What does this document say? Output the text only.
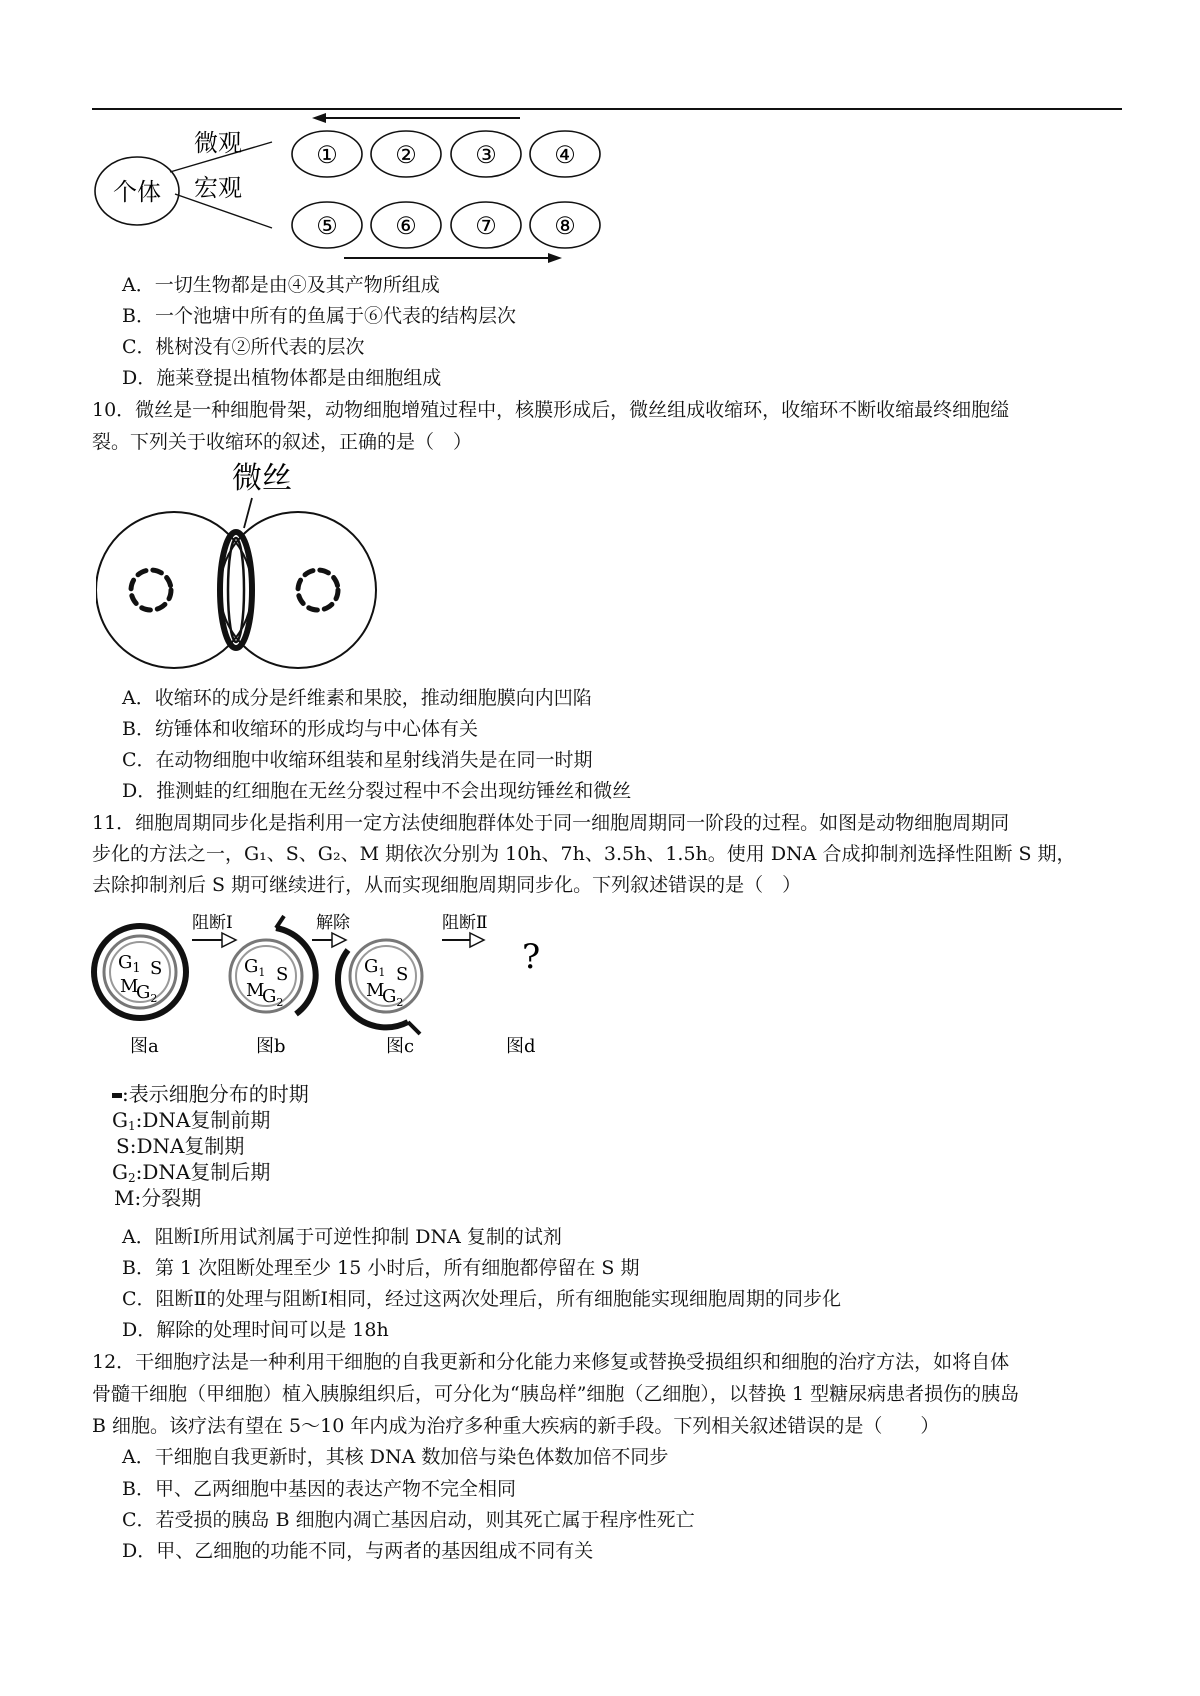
个体
微观
宏观
① ② ③ ④
⑤ ⑥ ⑦ ⑧
A．一切生物都是由④及其产物所组成
B．一个池塘中所有的鱼属于⑥代表的结构层次
C．桃树没有②所代表的层次
D．施莱登提出植物体都是由细胞组成
10．微丝是一种细胞骨架，动物细胞增殖过程中，核膜形成后，微丝组成收缩环，收缩环不断收缩最终细胞缢
裂。下列关于收缩环的叙述，正确的是（　）
微丝
A．收缩环的成分是纤维素和果胶，推动细胞膜向内凹陷
B．纺锤体和收缩环的形成均与中心体有关
C．在动物细胞中收缩环组装和星射线消失是在同一时期
D．推测蛙的红细胞在无丝分裂过程中不会出现纺锤丝和微丝
11．细胞周期同步化是指利用一定方法使细胞群体处于同一细胞周期同一阶段的过程。如图是动物细胞周期同
步化的方法之一，G₁、S、G₂、M 期依次分别为 10h、7h、3.5h、1.5h。使用 DNA 合成抑制剂选择性阻断 S 期，
去除抑制剂后 S 期可继续进行，从而实现细胞周期同步化。下列叙述错误的是（　）
$G_1$ S
M
$G_2$
阻断Ⅰ
$G_1$ S
M
$G_2$
解除
$G_1$ S
M
$G_2$
阻断Ⅱ
?
图a	图b	图c	图d
:表示细胞分布的时期
G1:DNA复制前期
S:DNA复制期
G2:DNA复制后期
M:分裂期
A．阻断Ⅰ所用试剂属于可逆性抑制 DNA 复制的试剂
B．第 1 次阻断处理至少 15 小时后，所有细胞都停留在 S 期
C．阻断Ⅱ的处理与阻断Ⅰ相同，经过这两次处理后，所有细胞能实现细胞周期的同步化
D．解除的处理时间可以是 18h
12．干细胞疗法是一种利用干细胞的自我更新和分化能力来修复或替换受损组织和细胞的治疗方法，如将自体
骨髓干细胞（甲细胞）植入胰腺组织后，可分化为“胰岛样”细胞（乙细胞），以替换 1 型糖尿病患者损伤的胰岛
B 细胞。该疗法有望在 5～10 年内成为治疗多种重大疾病的新手段。下列相关叙述错误的是（　　）
A．干细胞自我更新时，其核 DNA 数加倍与染色体数加倍不同步
B．甲、乙两细胞中基因的表达产物不完全相同
C．若受损的胰岛 B 细胞内凋亡基因启动，则其死亡属于程序性死亡
D．甲、乙细胞的功能不同，与两者的基因组成不同有关
